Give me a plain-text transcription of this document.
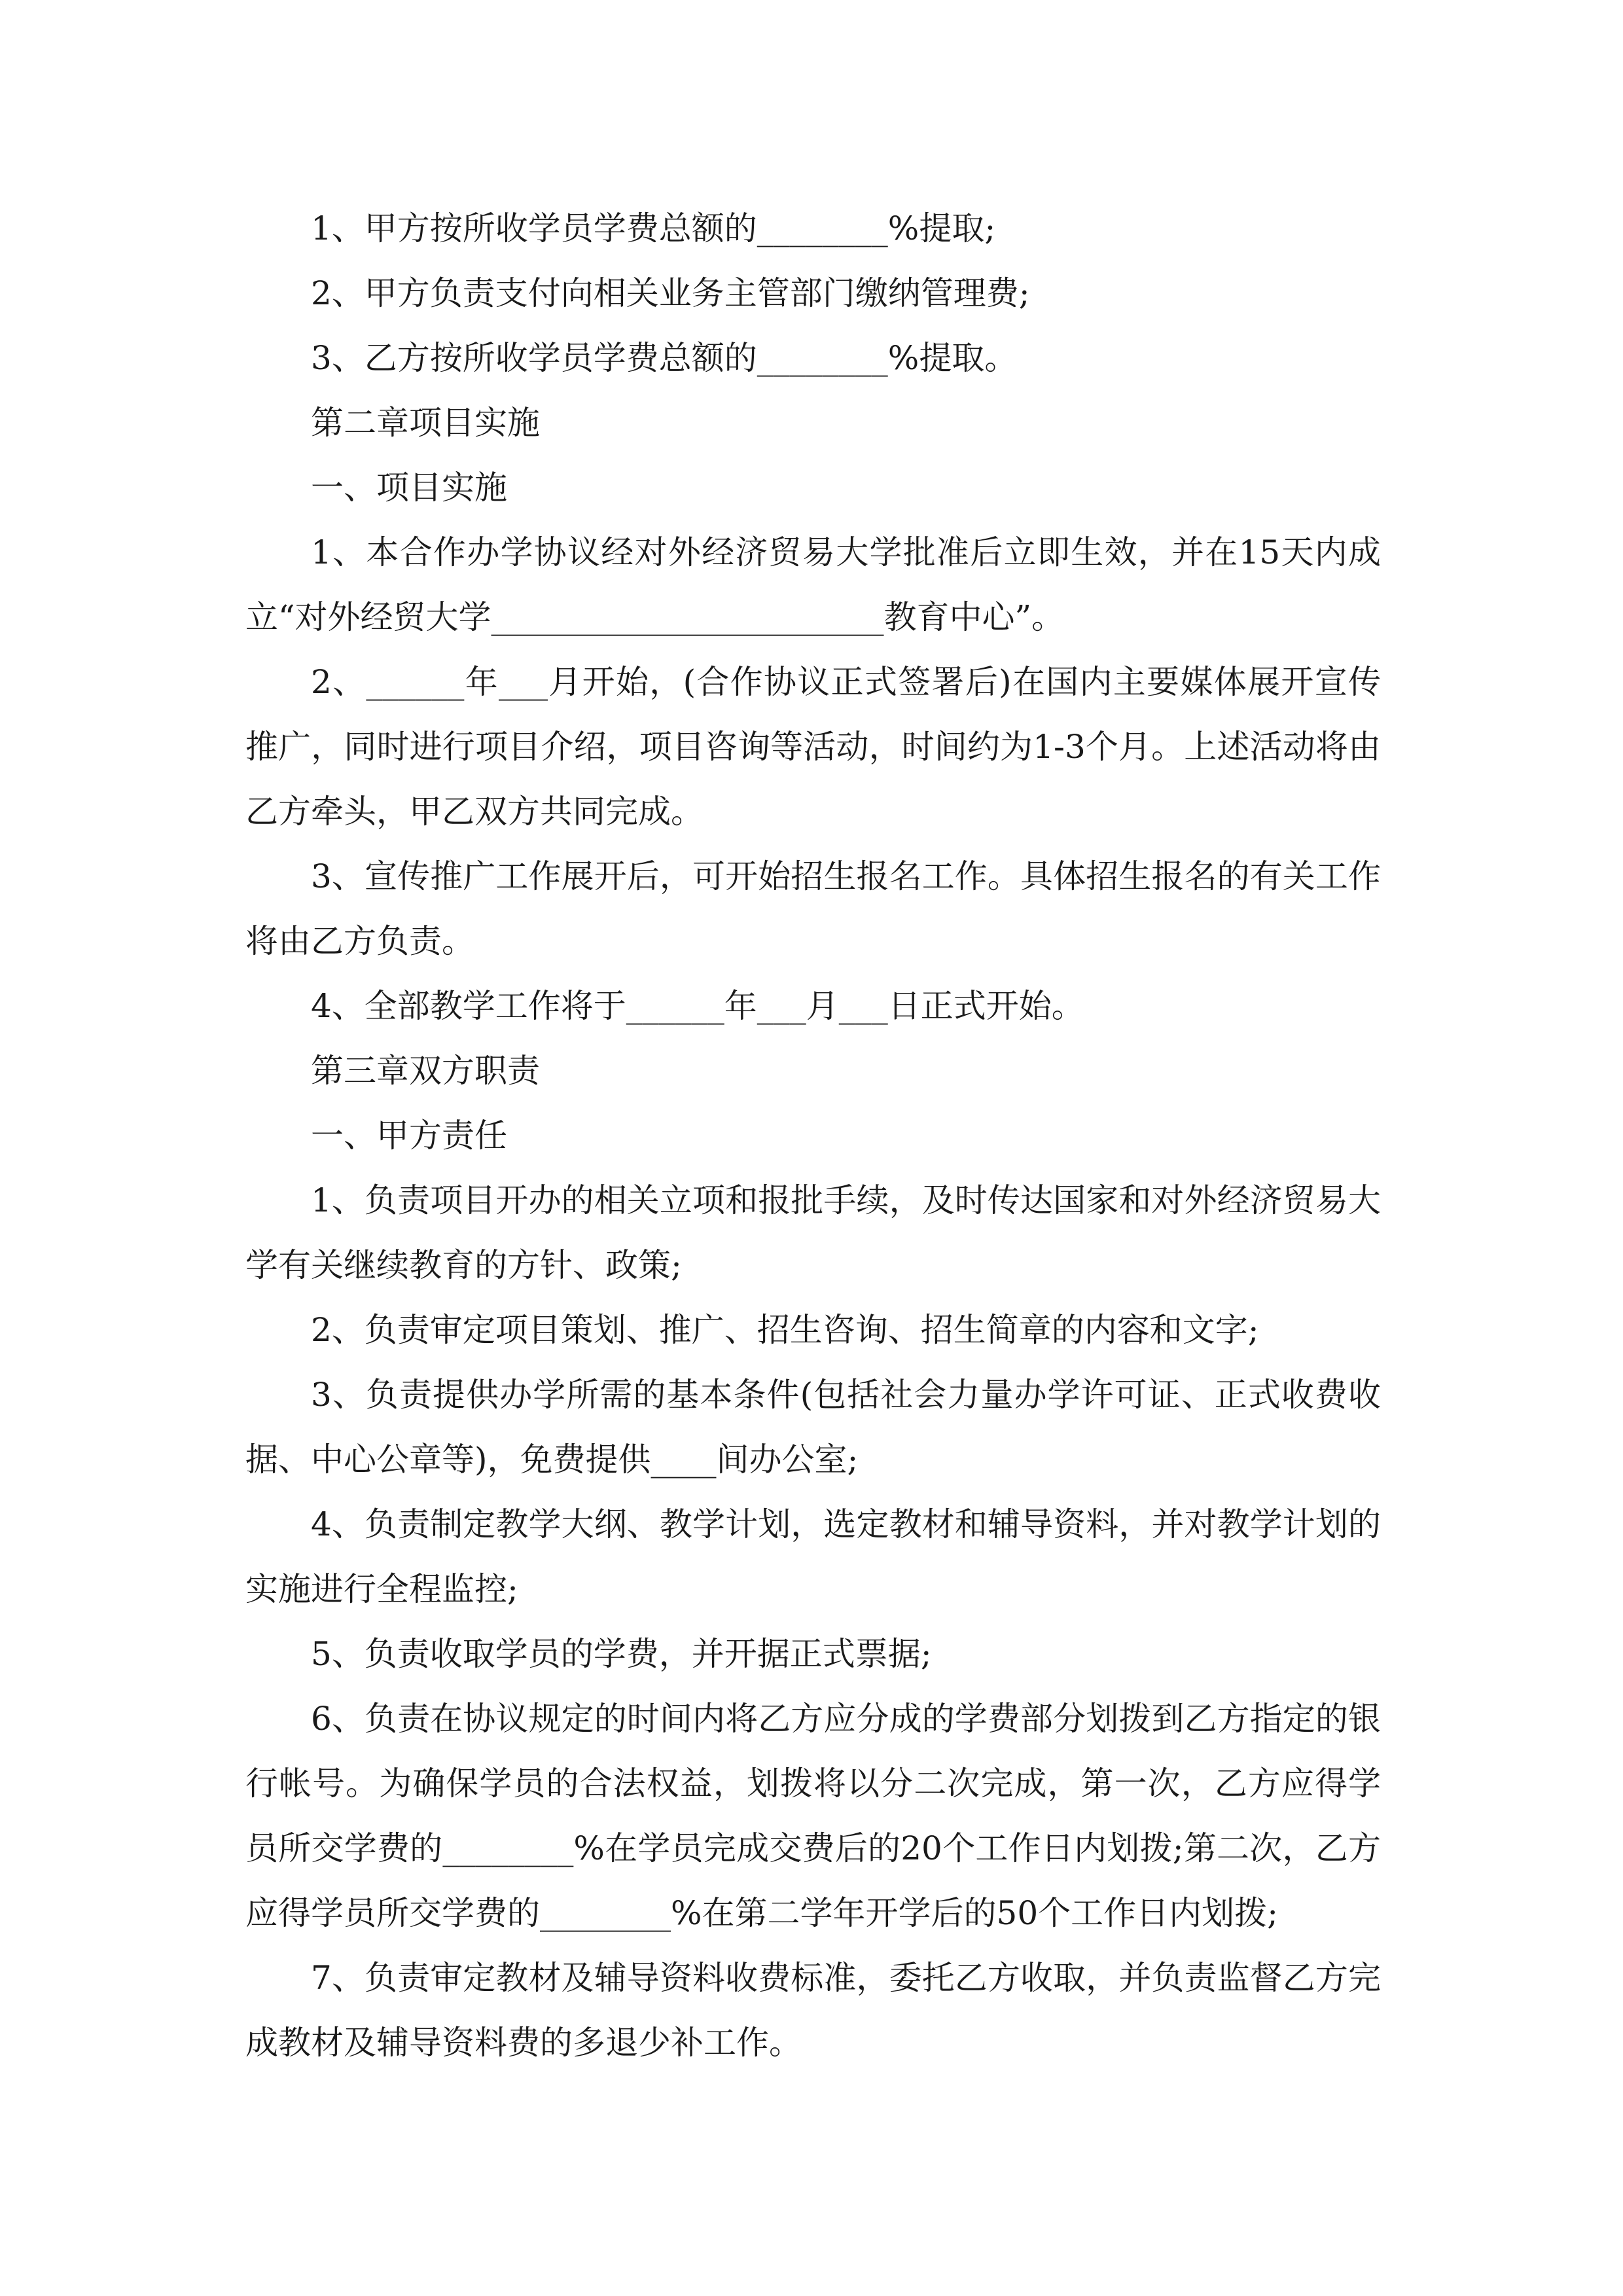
1、甲方按所收学员学费总额的________%提取;

2、甲方负责支付向相关业务主管部门缴纳管理费;

3、乙方按所收学员学费总额的________%提取。

第二章项目实施

一、项目实施

1、本合作办学协议经对外经济贸易大学批准后立即生效，并在15天内成立“对外经贸大学________________________教育中心”。

2、______年___月开始，(合作协议正式签署后)在国内主要媒体展开宣传推广，同时进行项目介绍，项目咨询等活动，时间约为1-3个月。上述活动将由乙方牵头，甲乙双方共同完成。

3、宣传推广工作展开后，可开始招生报名工作。具体招生报名的有关工作将由乙方负责。

4、全部教学工作将于______年___月___日正式开始。

第三章双方职责

一、甲方责任

1、负责项目开办的相关立项和报批手续，及时传达国家和对外经济贸易大学有关继续教育的方针、政策;

2、负责审定项目策划、推广、招生咨询、招生简章的内容和文字;

3、负责提供办学所需的基本条件(包括社会力量办学许可证、正式收费收据、中心公章等)，免费提供____间办公室;

4、负责制定教学大纲、教学计划，选定教材和辅导资料，并对教学计划的实施进行全程监控;

5、负责收取学员的学费，并开据正式票据;

6、负责在协议规定的时间内将乙方应分成的学费部分划拨到乙方指定的银行帐号。为确保学员的合法权益，划拨将以分二次完成，第一次，乙方应得学员所交学费的________%在学员完成交费后的20个工作日内划拨;第二次，乙方应得学员所交学费的________%在第二学年开学后的50个工作日内划拨;

7、负责审定教材及辅导资料收费标准，委托乙方收取，并负责监督乙方完成教材及辅导资料费的多退少补工作。
